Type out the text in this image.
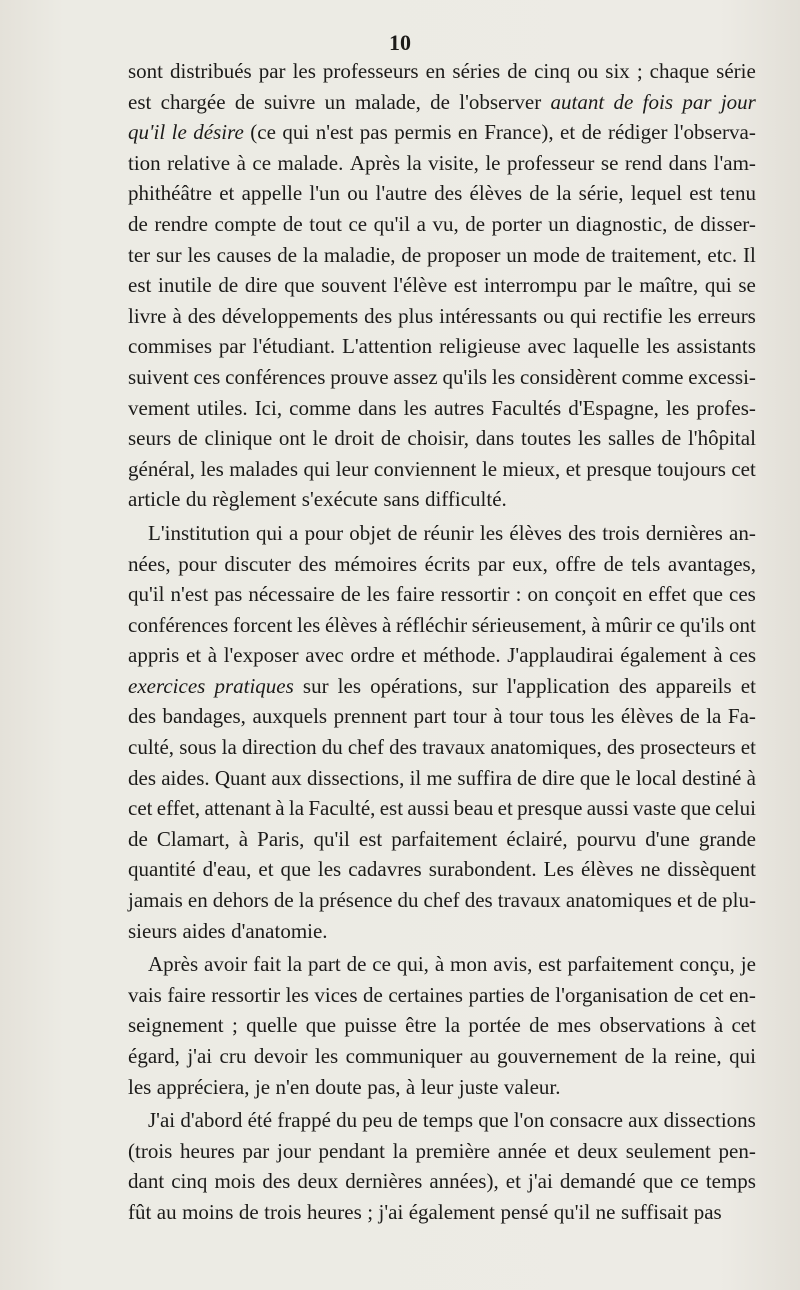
10
sont distribués par les professeurs en séries de cinq ou six ; chaque série
est chargée de suivre un malade, de l'observer autant de fois par jour
qu'il le désire (ce qui n'est pas permis en France), et de rédiger l'observa-
tion relative à ce malade. Après la visite, le professeur se rend dans l'am-
phithéâtre et appelle l'un ou l'autre des élèves de la série, lequel est tenu
de rendre compte de tout ce qu'il a vu, de porter un diagnostic, de disser-
ter sur les causes de la maladie, de proposer un mode de traitement, etc. Il
est inutile de dire que souvent l'élève est interrompu par le maître, qui se
livre à des développements des plus intéressants ou qui rectifie les erreurs
commises par l'étudiant. L'attention religieuse avec laquelle les assistants
suivent ces conférences prouve assez qu'ils les considèrent comme excessi-
vement utiles. Ici, comme dans les autres Facultés d'Espagne, les profes-
seurs de clinique ont le droit de choisir, dans toutes les salles de l'hôpital
général, les malades qui leur conviennent le mieux, et presque toujours cet
article du règlement s'exécute sans difficulté.
L'institution qui a pour objet de réunir les élèves des trois dernières an-
nées, pour discuter des mémoires écrits par eux, offre de tels avantages,
qu'il n'est pas nécessaire de les faire ressortir : on conçoit en effet que ces
conférences forcent les élèves à réfléchir sérieusement, à mûrir ce qu'ils ont
appris et à l'exposer avec ordre et méthode. J'applaudirai également à ces
exercices pratiques sur les opérations, sur l'application des appareils et
des bandages, auxquels prennent part tour à tour tous les élèves de la Fa-
culté, sous la direction du chef des travaux anatomiques, des prosecteurs et
des aides. Quant aux dissections, il me suffira de dire que le local destiné à
cet effet, attenant à la Faculté, est aussi beau et presque aussi vaste que celui
de Clamart, à Paris, qu'il est parfaitement éclairé, pourvu d'une grande
quantité d'eau, et que les cadavres surabondent. Les élèves ne dissèquent
jamais en dehors de la présence du chef des travaux anatomiques et de plu-
sieurs aides d'anatomie.
Après avoir fait la part de ce qui, à mon avis, est parfaitement conçu, je
vais faire ressortir les vices de certaines parties de l'organisation de cet en-
seignement ; quelle que puisse être la portée de mes observations à cet
égard, j'ai cru devoir les communiquer au gouvernement de la reine, qui
les appréciera, je n'en doute pas, à leur juste valeur.
J'ai d'abord été frappé du peu de temps que l'on consacre aux dissections
(trois heures par jour pendant la première année et deux seulement pen-
dant cinq mois des deux dernières années), et j'ai demandé que ce temps
fût au moins de trois heures ; j'ai également pensé qu'il ne suffisait pas
